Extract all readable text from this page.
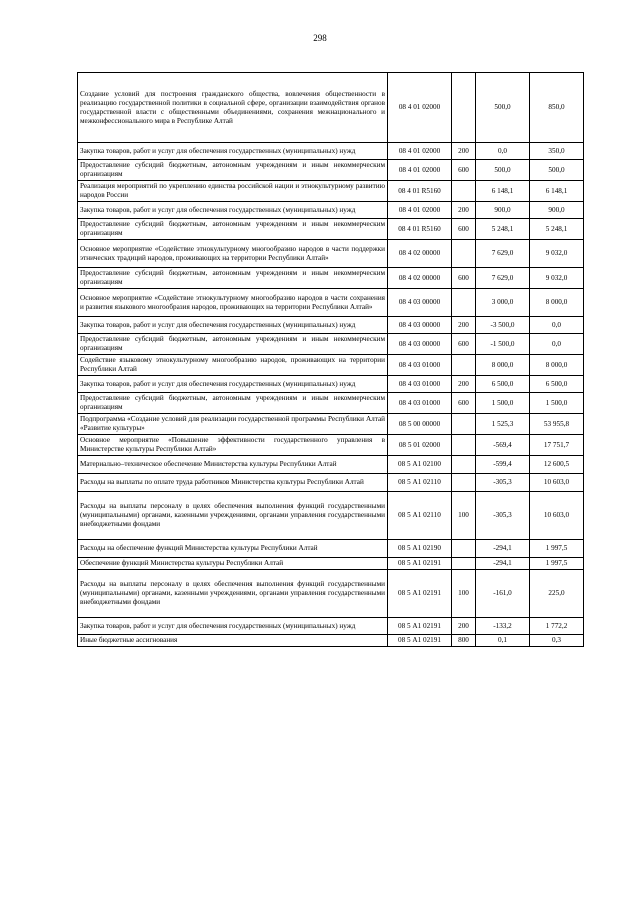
298
Создание условий для построения гражданского общества, вовлечения общественности в реализацию государственной политики в социальной сфере, организации взаимодействия органов государственной власти с общественными объединениями, сохранения межнационального и межконфессионального мира в Республике Алтай	08 4 01 02000		500,0	850,0
Закупка товаров, работ и услуг для обеспечения государственных (муниципальных) нужд	08 4 01 02000	200	0,0	350,0
Предоставление субсидий бюджетным, автономным учреждениям и иным некоммерческим организациям	08 4 01 02000	600	500,0	500,0
Реализация мероприятий по укреплению единства российской нации и этнокультурному развитию народов России	08 4 01 R5160		6 148,1	6 148,1
Закупка товаров, работ и услуг для обеспечения государственных (муниципальных) нужд	08 4 01 02000	200	900,0	900,0
Предоставление субсидий бюджетным, автономным учреждениям и иным некоммерческим организациям	08 4 01 R5160	600	5 248,1	5 248,1
Основное мероприятие «Содействие этнокультурному многообразию народов в части поддержки этнических традиций народов, проживающих на территории Республики Алтай»	08 4 02 00000		7 629,0	9 032,0
Предоставление субсидий бюджетным, автономным учреждениям и иным некоммерческим организациям	08 4 02 00000	600	7 629,0	9 032,0
Основное мероприятие «Содействие этнокультурному многообразию народов в части сохранения и развития языкового многообразия народов, проживающих на территории Республики Алтай»	08 4 03 00000		3 000,0	8 000,0
Закупка товаров, работ и услуг для обеспечения государственных (муниципальных) нужд	08 4 03 00000	200	-3 500,0	0,0
Предоставление субсидий бюджетным, автономным учреждениям и иным некоммерческим организациям	08 4 03 00000	600	-1 500,0	0,0
Содействие языковому этнокультурному многообразию народов, проживающих на территории Республики Алтай	08 4 03 01000		8 000,0	8 000,0
Закупка товаров, работ и услуг для обеспечения государственных (муниципальных) нужд	08 4 03 01000	200	6 500,0	6 500,0
Предоставление субсидий бюджетным, автономным учреждениям и иным некоммерческим организациям	08 4 03 01000	600	1 500,0	1 500,0
Подпрограмма «Создание условий для реализации государственной программы Республики Алтай «Развитие культуры»	08 5 00 00000		1 525,3	53 955,8
Основное мероприятие «Повышение эффективности государственного управления в Министерстве культуры Республики Алтай»	08 5 01 02000		-569,4	17 751,7
Материально–техническое обеспечение Министерства культуры Республики Алтай	08 5 А1 02100		-599,4	12 600,5
Расходы на выплаты по оплате труда работников Министерства культуры Республики Алтай	08 5 А1 02110		-305,3	10 603,0
Расходы на выплаты персоналу в целях обеспечения выполнения функций государственными (муниципальными) органами, казенными учреждениями, органами управления государственными внебюджетными фондами	08 5 А1 02110	100	-305,3	10 603,0
Расходы на обеспечение функций Министерства культуры Республики Алтай	08 5 А1 02190		-294,1	1 997,5
Обеспечение функций Министерства культуры Республики Алтай	08 5 А1 02191		-294,1	1 997,5
Расходы на выплаты персоналу в целях обеспечения выполнения функций государственными (муниципальными) органами, казенными учреждениями, органами управления государственными внебюджетными фондами	08 5 А1 02191	100	-161,0	225,0
Закупка товаров, работ и услуг для обеспечения государственных (муниципальных) нужд	08 5 А1 02191	200	-133,2	1 772,2
Иные бюджетные ассигнования	08 5 А1 02191	800	0,1	0,3
